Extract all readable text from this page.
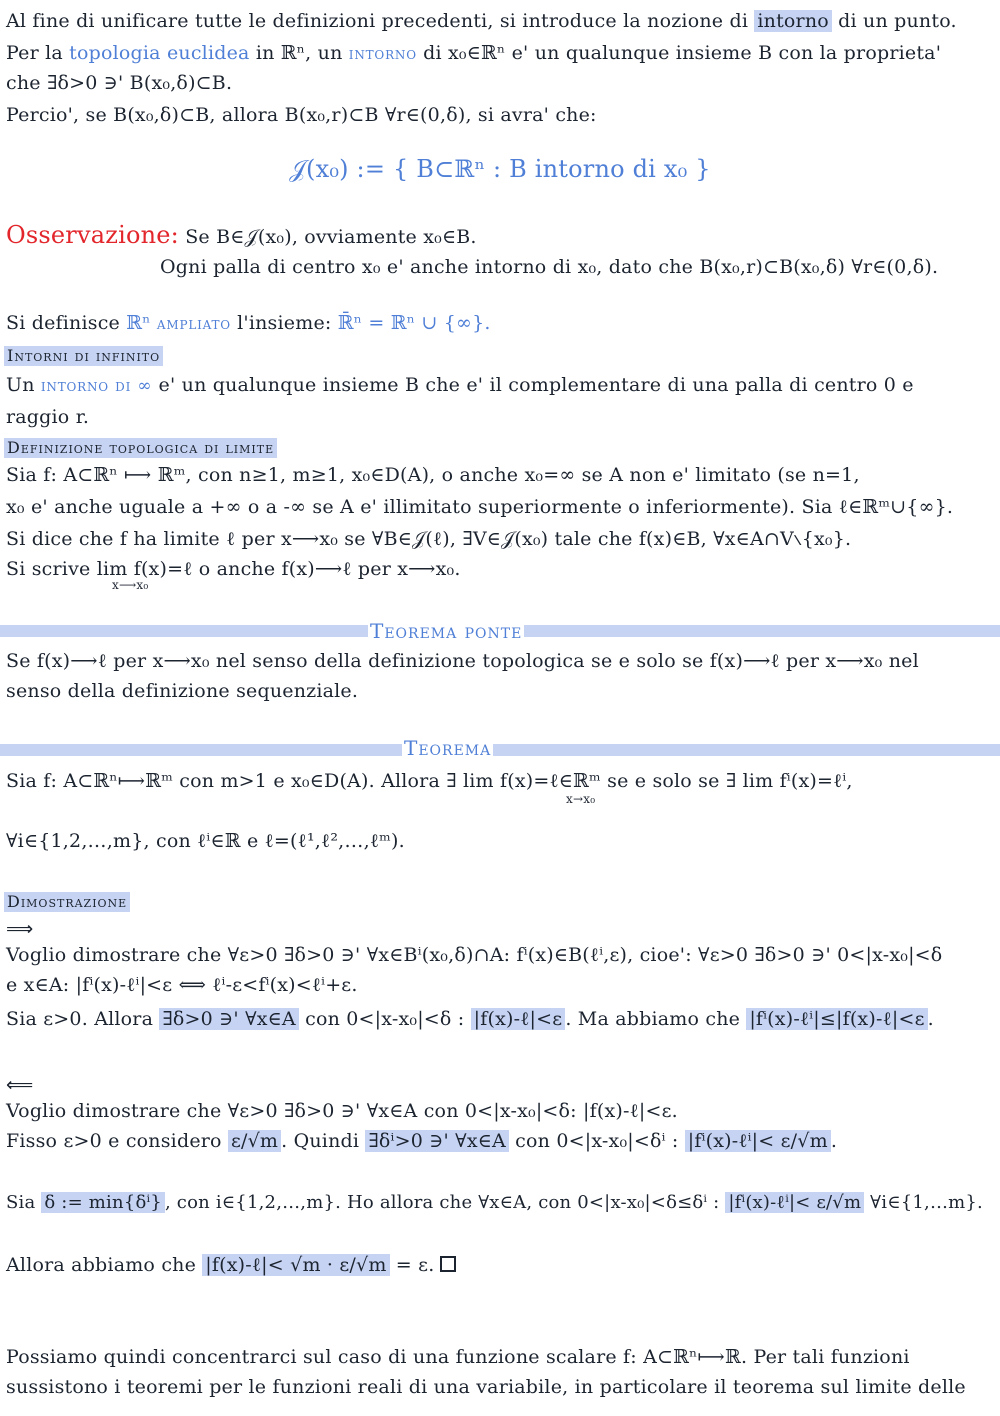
Al fine di unificare tutte le definizioni precedenti, si introduce la nozione di intorno di un punto.
Per la topologia euclidea in ℝⁿ, un intorno di x₀∈ℝⁿ e' un qualunque insieme B con la proprieta'
che ∃δ>0 ∋' B(x₀,δ)⊂B.
Percio', se B(x₀,δ)⊂B, allora B(x₀,r)⊂B ∀r∈(0,δ), si avra' che:
𝒥(x₀) := { B⊂ℝⁿ : B intorno di x₀ }
Osservazione: Se B∈𝒥(x₀), ovviamente x₀∈B.
Ogni palla di centro x₀ e' anche intorno di x₀, dato che B(x₀,r)⊂B(x₀,δ) ∀r∈(0,δ).
Si definisce ℝⁿ ampliato l'insieme: ℝ̄ⁿ = ℝⁿ ∪ {∞}.
Intorni di infinito
Un intorno di ∞ e' un qualunque insieme B che e' il complementare di una palla di centro 0 e
raggio r.
Definizione topologica di limite
Sia f: A⊂ℝⁿ ⟼ ℝᵐ, con n≥1, m≥1, x₀∈D(A), o anche x₀=∞ se A non e' limitato (se n=1,
x₀ e' anche uguale a +∞ o a -∞ se A e' illimitato superiormente o inferiormente). Sia ℓ∈ℝᵐ∪{∞}.
Si dice che f ha limite ℓ per x⟶x₀ se ∀B∈𝒥(ℓ), ∃V∈𝒥(x₀) tale che f(x)∈B, ∀x∈A∩V∖{x₀}.
Si scrive lim f(x)=ℓ o anche f(x)⟶ℓ per x⟶x₀.
x⟶x₀
Teorema ponte
Se f(x)⟶ℓ per x⟶x₀ nel senso della definizione topologica se e solo se f(x)⟶ℓ per x⟶x₀ nel
senso della definizione sequenziale.
Teorema
Sia f: A⊂ℝⁿ⟼ℝᵐ con m>1 e x₀∈D(A). Allora ∃ lim f(x)=ℓ∈ℝᵐ se e solo se ∃ lim fⁱ(x)=ℓⁱ,
x→x₀
∀i∈{1,2,…,m}, con ℓⁱ∈ℝ e ℓ=(ℓ¹,ℓ²,…,ℓᵐ).
Dimostrazione
⟹
Voglio dimostrare che ∀ε>0 ∃δ>0 ∋' ∀x∈Bⁱ(x₀,δ)∩A: fⁱ(x)∈B(ℓⁱ,ε), cioe': ∀ε>0 ∃δ>0 ∋' 0<|x-x₀|<δ
e x∈A: |fⁱ(x)-ℓⁱ|<ε ⟺ ℓⁱ-ε<fⁱ(x)<ℓⁱ+ε.
Sia ε>0. Allora ∃δ>0 ∋' ∀x∈A con 0<|x-x₀|<δ : |f(x)-ℓ|<ε . Ma abbiamo che |fⁱ(x)-ℓⁱ|≤|f(x)-ℓ|<ε .
⟸
Voglio dimostrare che ∀ε>0 ∃δ>0 ∋' ∀x∈A con 0<|x-x₀|<δ: |f(x)-ℓ|<ε.
Fisso ε>0 e considero ε/√m . Quindi ∃δⁱ>0 ∋' ∀x∈A con 0<|x-x₀|<δⁱ : |fⁱ(x)-ℓⁱ|< ε/√m .
Sia δ := min{δⁱ} , con i∈{1,2,…,m}. Ho allora che ∀x∈A, con 0<|x-x₀|<δ≤δⁱ : |fⁱ(x)-ℓⁱ|< ε/√m ∀i∈{1,…m}.
Allora abbiamo che |f(x)-ℓ|< √m · ε/√m = ε.
Possiamo quindi concentrarci sul caso di una funzione scalare f: A⊂ℝⁿ⟼ℝ. Per tali funzioni
sussistono i teoremi per le funzioni reali di una variabile, in particolare il teorema sul limite delle
